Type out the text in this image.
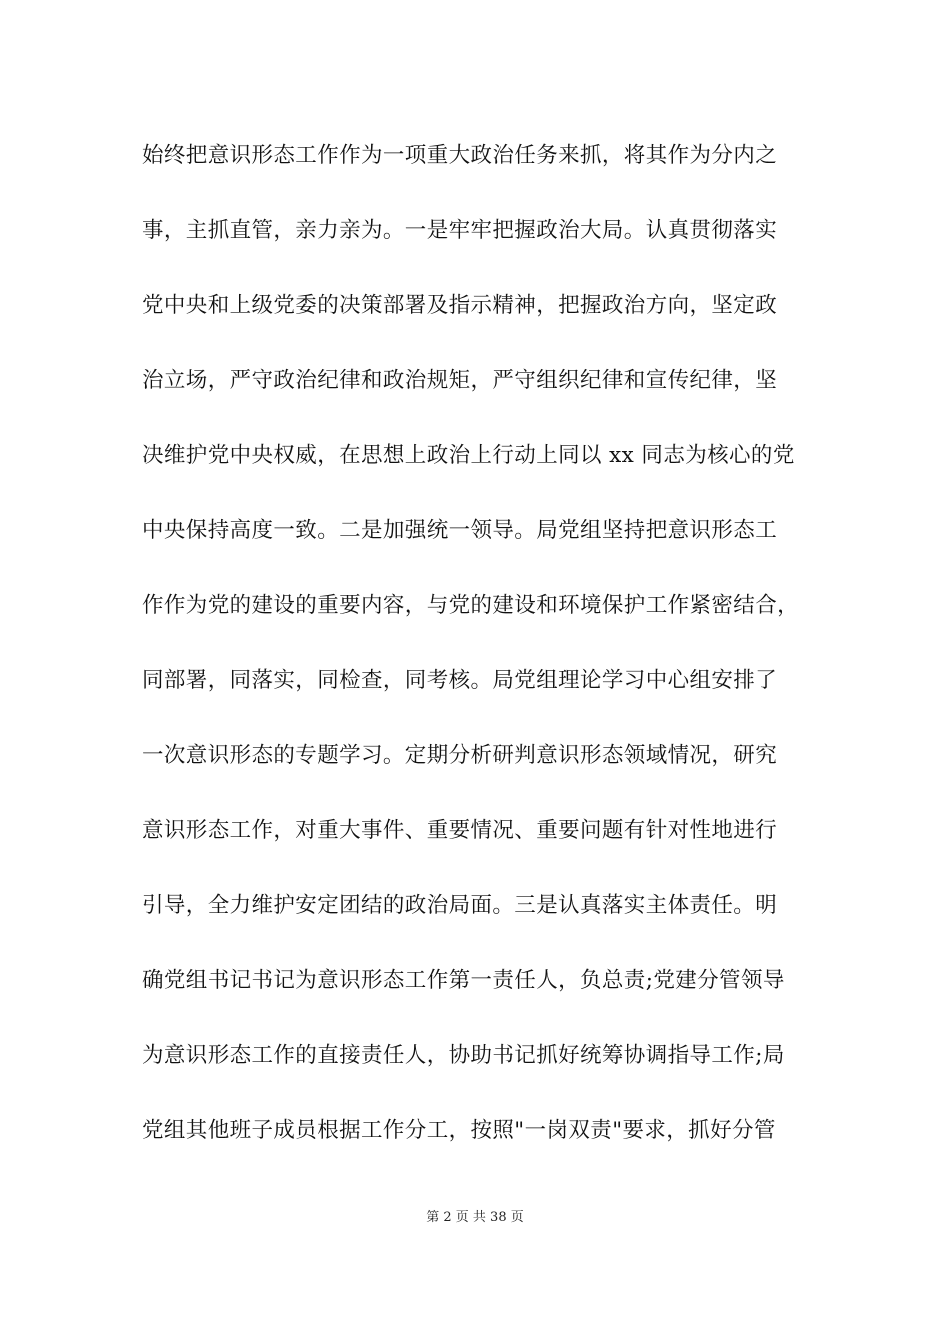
始终把意识形态工作作为一项重大政治任务来抓，将其作为分内之
事，主抓直管，亲力亲为。一是牢牢把握政治大局。认真贯彻落实
党中央和上级党委的决策部署及指示精神，把握政治方向，坚定政
治立场，严守政治纪律和政治规矩，严守组织纪律和宣传纪律，坚
决维护党中央权威，在思想上政治上行动上同以 xx 同志为核心的党
中央保持高度一致。二是加强统一领导。局党组坚持把意识形态工
作作为党的建设的重要内容，与党的建设和环境保护工作紧密结合，
同部署，同落实，同检查，同考核。局党组理论学习中心组安排了
一次意识形态的专题学习。定期分析研判意识形态领域情况，研究
意识形态工作，对重大事件、重要情况、重要问题有针对性地进行
引导，全力维护安定团结的政治局面。三是认真落实主体责任。明
确党组书记书记为意识形态工作第一责任人，负总责;党建分管领导
为意识形态工作的直接责任人，协助书记抓好统筹协调指导工作;局
党组其他班子成员根据工作分工，按照"一岗双责"要求，抓好分管
第 2 页 共 38 页
